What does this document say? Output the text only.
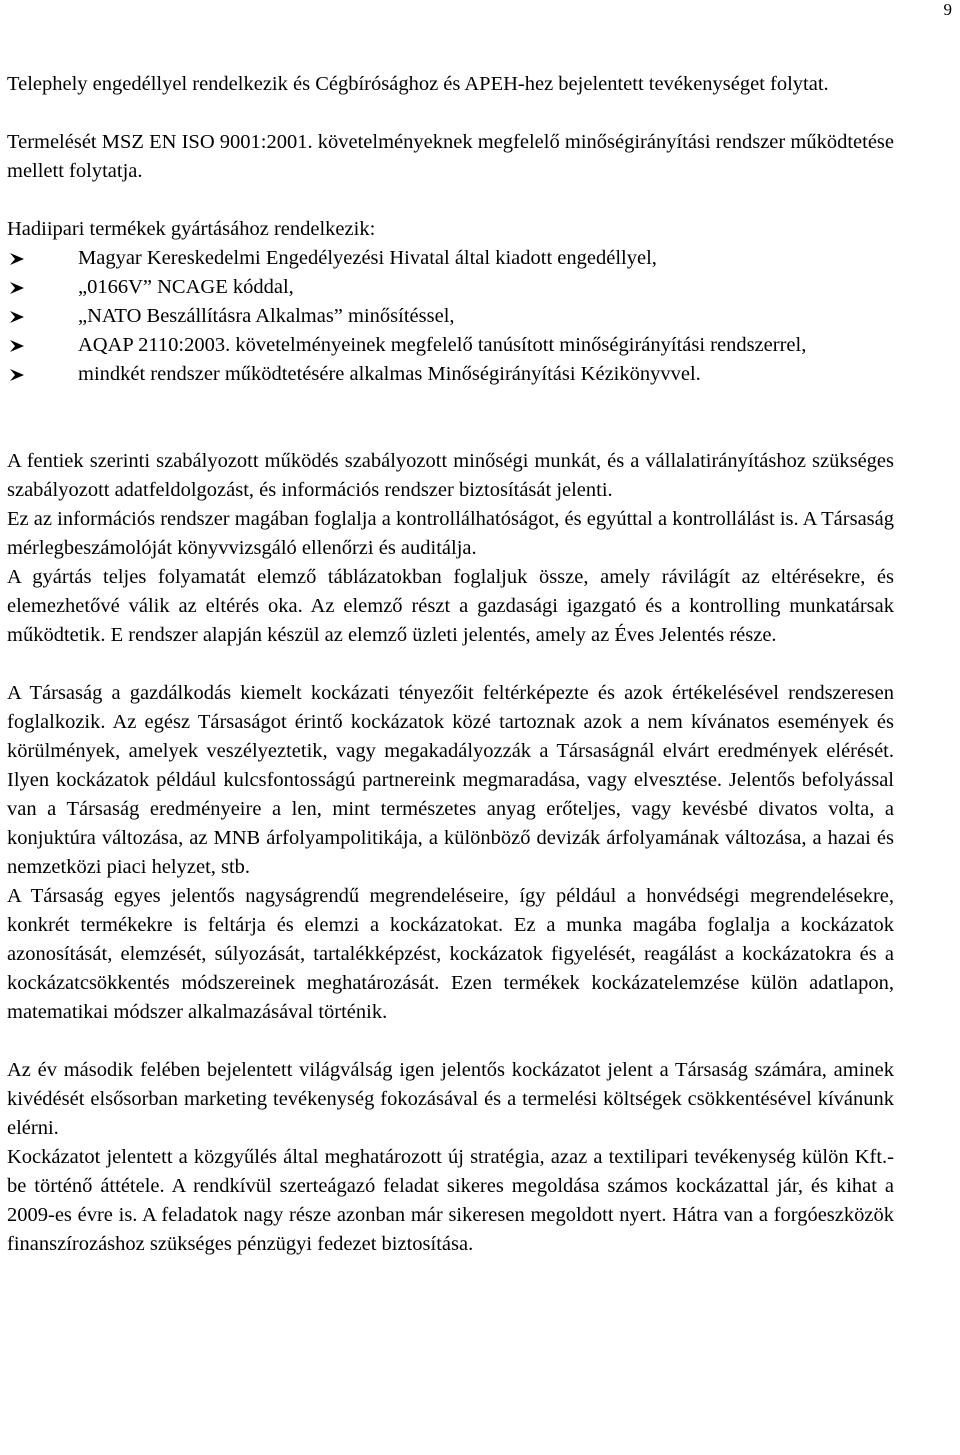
9

Telephely engedéllyel rendelkezik és Cégbírósághoz és APEH-hez bejelentett tevékenységet folytat.

Termelését MSZ EN ISO 9001:2001. követelményeknek megfelelő minőségirányítási rendszer működtetése mellett folytatja.

Hadiipari termékek gyártásához rendelkezik:

Magyar Kereskedelmi Engedélyezési Hivatal által kiadott engedéllyel,
„0166V” NCAGE kóddal,
„NATO Beszállításra Alkalmas” minősítéssel,
AQAP 2110:2003. követelményeinek megfelelő tanúsított minőségirányítási rendszerrel,
mindkét rendszer működtetésére alkalmas Minőségirányítási Kézikönyvvel.

A fentiek szerinti szabályozott működés szabályozott minőségi munkát, és a vállalatirányításhoz szükséges szabályozott adatfeldolgozást, és információs rendszer biztosítását jelenti.

Ez az információs rendszer magában foglalja a kontrollálhatóságot, és egyúttal a kontrollálást is. A Társaság mérlegbeszámolóját könyvvizsgáló ellenőrzi és auditálja.

A gyártás teljes folyamatát elemző táblázatokban foglaljuk össze, amely rávilágít az eltérésekre, és elemezhetővé válik az eltérés oka. Az elemző részt a gazdasági igazgató és a kontrolling munkatársak működtetik. E rendszer alapján készül az elemző üzleti jelentés, amely az Éves Jelentés része.

A Társaság a gazdálkodás kiemelt kockázati tényezőit feltérképezte és azok értékelésével rendszeresen foglalkozik. Az egész Társaságot érintő kockázatok közé tartoznak azok a nem kívánatos események és körülmények, amelyek veszélyeztetik, vagy megakadályozzák a Társaságnál elvárt eredmények elérését. Ilyen kockázatok például kulcsfontosságú partnereink megmaradása, vagy elvesztése. Jelentős befolyással van a Társaság eredményeire a len, mint természetes anyag erőteljes, vagy kevésbé divatos volta, a konjuktúra változása, az MNB árfolyampolitikája, a különböző devizák árfolyamának változása, a hazai és nemzetközi piaci helyzet, stb.

A Társaság egyes jelentős nagyságrendű megrendeléseire, így például a honvédségi megrendelésekre, konkrét termékekre is feltárja és elemzi a kockázatokat. Ez a munka magába foglalja a kockázatok azonosítását, elemzését, súlyozását, tartalékképzést, kockázatok figyelését, reagálást a kockázatokra és a kockázatcsökkentés módszereinek meghatározását. Ezen termékek kockázatelemzése külön adatlapon, matematikai módszer alkalmazásával történik.

Az év második felében bejelentett világválság igen jelentős kockázatot jelent a Társaság számára, aminek kivédését elsősorban marketing tevékenység fokozásával és a termelési költségek csökkentésével kívánunk elérni.

Kockázatot jelentett a közgyűlés által meghatározott új stratégia, azaz a textilipari tevékenység külön Kft.-be történő áttétele. A rendkívül szerteágazó feladat sikeres megoldása számos kockázattal jár, és kihat a 2009-es évre is. A feladatok nagy része azonban már sikeresen megoldott nyert. Hátra van a forgóeszközök finanszírozáshoz szükséges pénzügyi fedezet biztosítása.
